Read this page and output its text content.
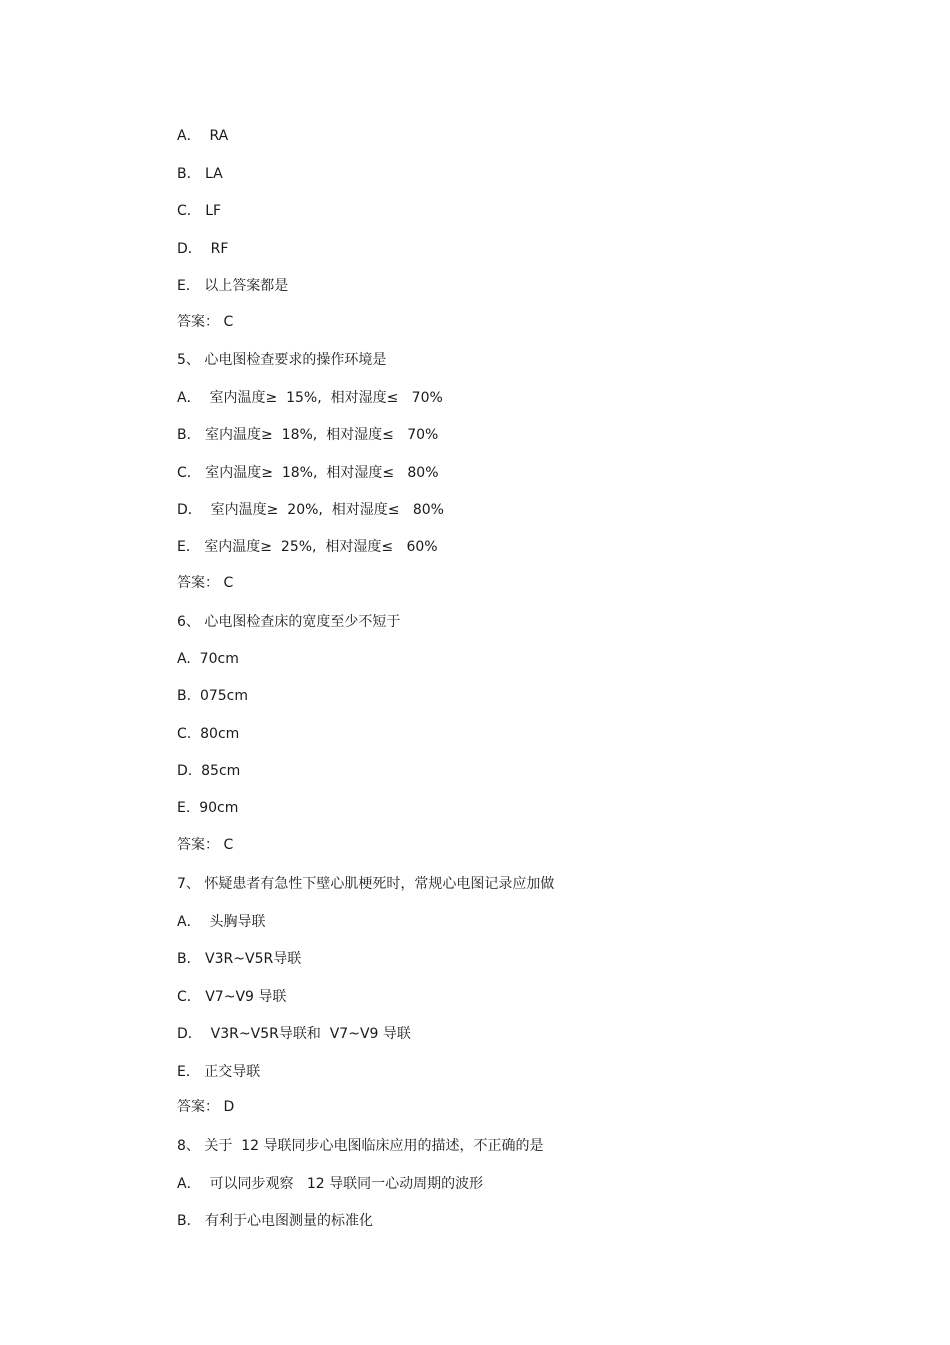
A．  RA
B． LA
C． LF
D．  RF
E． 以上答案都是
答案： C
5、 心电图检查要求的操作环境是
A．  室内温度≥  15%,  相对湿度≤   70%
B． 室内温度≥  18%,  相对湿度≤   70%
C． 室内温度≥  18%,  相对湿度≤   80%
D．  室内温度≥  20%,  相对湿度≤   80%
E． 室内温度≥  25%,  相对湿度≤   60%
答案： C
6、 心电图检查床的宽度至少不短于
A.  70cm
B.  075cm
C.  80cm
D.  85cm
E.  90cm
答案： C
7、 怀疑患者有急性下壁心肌梗死时，常规心电图记录应加做
A．  头胸导联
B． V3R~V5R导联
C． V7~V9 导联
D．  V3R~V5R导联和  V7~V9 导联
E． 正交导联
答案： D
8、 关于  12 导联同步心电图临床应用的描述，不正确的是
A．  可以同步观察   12 导联同一心动周期的波形
B． 有利于心电图测量的标准化
